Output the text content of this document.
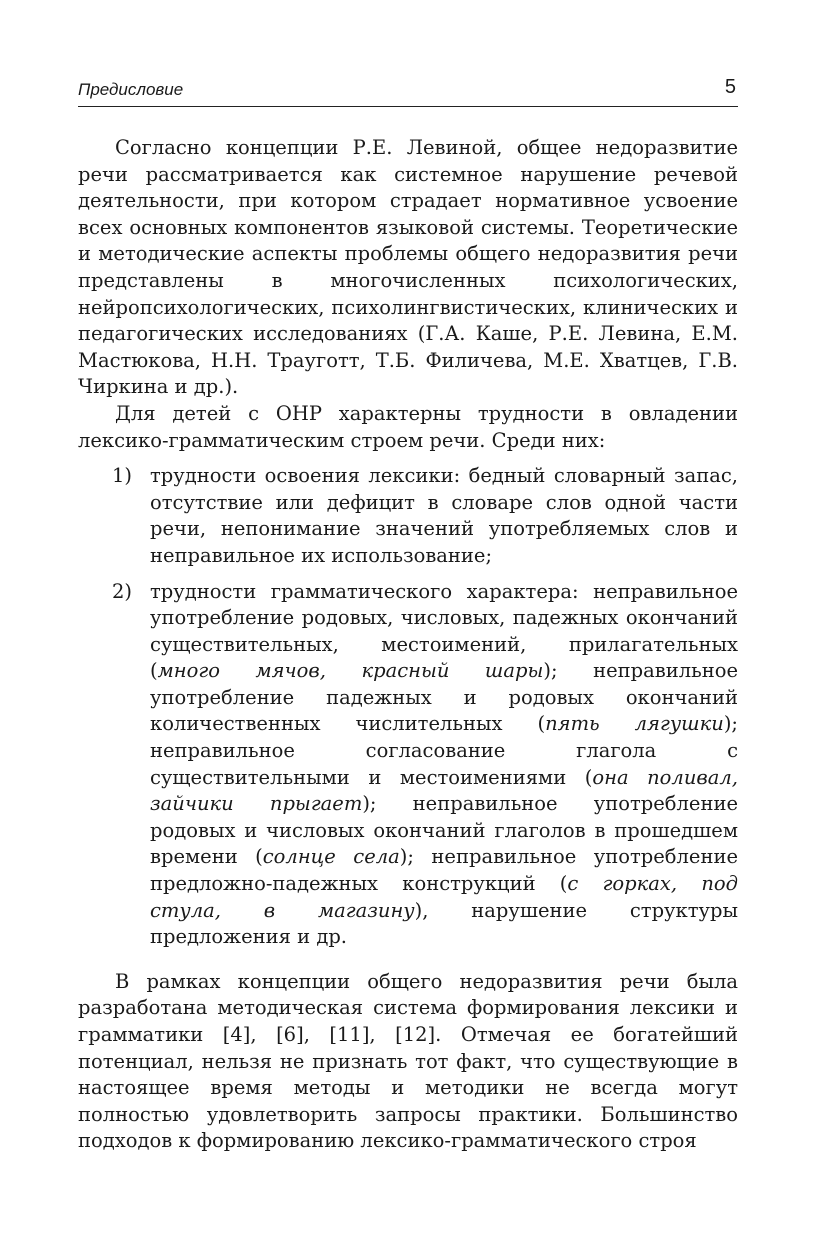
Предисловие	5

Согласно концепции Р.Е. Левиной, общее недоразвитие речи рассматривается как системное нарушение речевой деятельности, при котором страдает нормативное усвоение всех основных компонентов языковой системы. Теоретические и методические аспекты проблемы общего недоразвития речи представлены в многочисленных психологических, нейропсихологических, психолингвистических, клинических и педагогических исследованиях (Г.А. Каше, Р.Е. Левина, Е.М. Мастюкова, Н.Н. Трауготт, Т.Б. Филичева, М.Е. Хватцев, Г.В. Чиркина и др.).

Для детей с ОНР характерны трудности в овладении лексико-грамматическим строем речи. Среди них:

1) трудности освоения лексики: бедный словарный запас, отсутствие или дефицит в словаре слов одной части речи, непонимание значений употребляемых слов и неправильное их использование;
2) трудности грамматического характера: неправильное употребление родовых, числовых, падежных окончаний существительных, местоимений, прилагательных (много мячов, красный шары); неправильное употребление падежных и родовых окончаний количественных числительных (пять лягушки); неправильное согласование глагола с существительными и местоимениями (она поливал, зайчики прыгает); неправильное употребление родовых и числовых окончаний глаголов в прошедшем времени (солнце села); неправильное употребление предложно-падежных конструкций (с горках, под стула, в магазину), нарушение структуры предложения и др.

В рамках концепции общего недоразвития речи была разработана методическая система формирования лексики и грамматики [4], [6], [11], [12]. Отмечая ее богатейший потенциал, нельзя не признать тот факт, что существующие в настоящее время методы и методики не всегда могут полностью удовлетворить запросы практики. Большинство подходов к формированию лексико-грамматического строя
